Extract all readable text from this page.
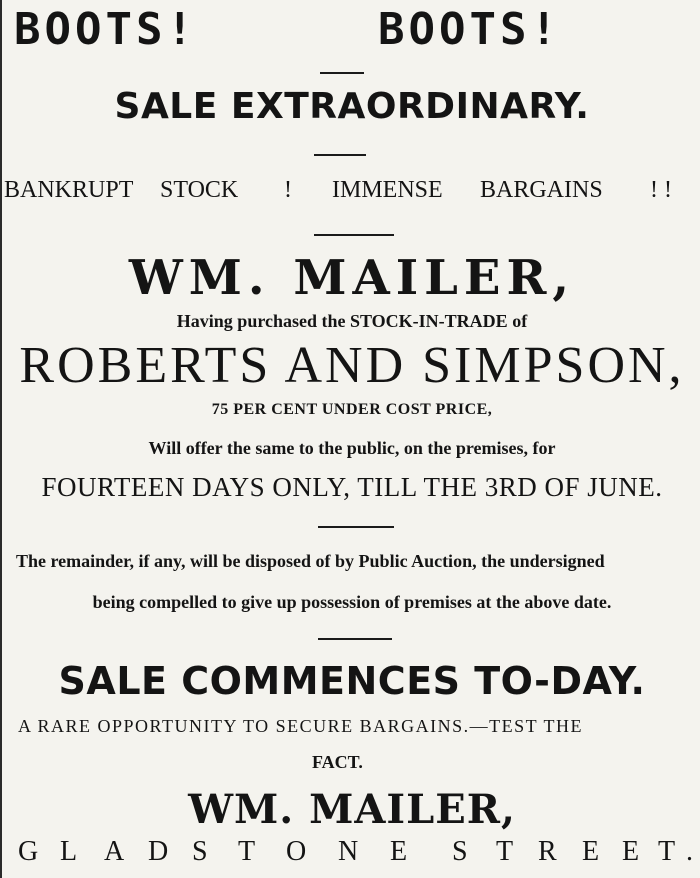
BOOTS!	BOOTS!
SALE EXTRAORDINARY.
BANKRUPT STOCK ! IMMENSE BARGAINS ! !
WM. MAILER,
Having purchased the STOCK-IN-TRADE of
ROBERTS AND SIMPSON,
75 PER CENT UNDER COST PRICE,
Will offer the same to the public, on the premises, for
FOURTEEN DAYS ONLY, TILL THE 3RD OF JUNE.
The remainder, if any, will be disposed of by Public Auction, the undersigned
being compelled to give up possession of premises at the above date.
SALE COMMENCES TO-DAY.
A RARE OPPORTUNITY TO SECURE BARGAINS.—TEST THE
FACT.
WM. MAILER,
G L A D S T O N E S T R E E T .
